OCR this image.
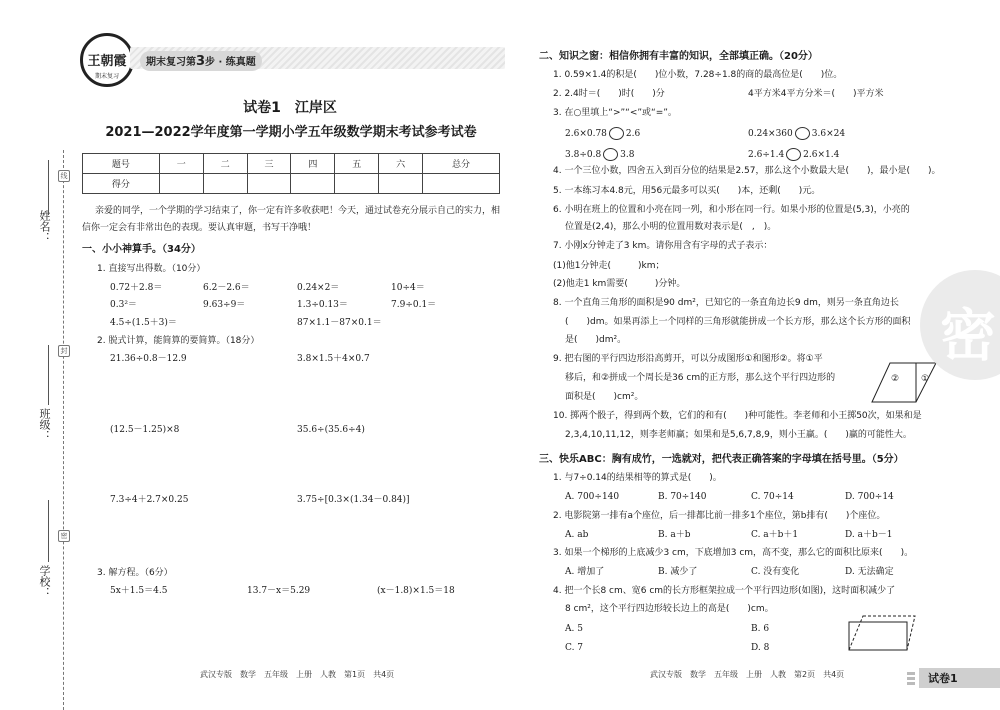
线
封
密
姓名：
班级：
学校：
王朝霞
期末复习
期末复习第3步 · 练真题
试卷1　江岸区
2021—2022学年度第一学期小学五年级数学期末考试参考试卷
题号	一	二	三	四	五	六	总分
得分							
亲爱的同学，一个学期的学习结束了，你一定有许多收获吧！今天，通过试卷充分展示自己的实力，相
信你一定会有非常出色的表现。要认真审题，书写干净哦！
一、小小神算手。（34分）
1. 直接写出得数。（10分）
0.72＋2.8＝	6.2－2.6＝	0.24×2＝	10÷4＝
0.3²＝	9.63÷9＝	1.3÷0.13＝	7.9÷0.1＝
4.5÷(1.5＋3)＝	87×1.1－87×0.1＝
2. 脱式计算，能简算的要简算。（18分）
21.36÷0.8－12.9	3.8×1.5＋4×0.7
(12.5－1.25)×8	35.6÷(35.6÷4)
7.3÷4＋2.7×0.25	3.75÷[0.3×(1.34－0.84)]
3. 解方程。（6分）
5x＋1.5＝4.5	13.7－x＝5.29	(x－1.8)×1.5＝18
武汉专版　数学　五年级　上册　人教　第1页　共4页
二、知识之窗：相信你拥有丰富的知识，全部填正确。（20分）
1. 0.59×1.4的积是(　　)位小数，7.28÷1.8的商的最高位是(　　)位。
2. 2.4时＝(　　)时(　　)分	4平方米4平方分米＝(　　)平方米
3. 在○里填上“>”“<”或“=”。
2.6×0.78 2.6	0.24×360 3.6×24
3.8÷0.8 3.8	2.6÷1.4 2.6×1.4
4. 一个三位小数，四舍五入到百分位的结果是2.57，那么这个小数最大是(　　)，最小是(　　)。
5. 一本练习本4.8元，用56元最多可以买(　　)本，还剩(　　)元。
6. 小明在班上的位置和小亮在同一列，和小形在同一行。如果小形的位置是(5,3)，小亮的
位置是(2,4)，那么小明的位置用数对表示是(　,　)。
7. 小刚x分钟走了3 km。请你用含有字母的式子表示：
(1)他1分钟走(　　　)km；
(2)他走1 km需要(　　　)分钟。
8. 一个直角三角形的面积是90 dm²，已知它的一条直角边长9 dm，则另一条直角边长
(　　)dm。如果再添上一个同样的三角形就能拼成一个长方形，那么这个长方形的面积
是(　　)dm²。
9. 把右图的平行四边形沿高剪开，可以分成图形①和图形②。将①平
移后，和②拼成一个周长是36 cm的正方形，那么这个平行四边形的
面积是(　　)cm²。
② ①
10. 掷两个骰子，得到两个数，它们的和有(　　)种可能性。李老师和小王掷50次，如果和是
2,3,4,10,11,12，则李老师赢；如果和是5,6,7,8,9，则小王赢。(　　)赢的可能性大。
密
三、快乐ABC：胸有成竹，一选就对，把代表正确答案的字母填在括号里。（5分）
1. 与7÷0.14的结果相等的算式是(　　)。
A. 700÷140	B. 70÷140	C. 70÷14	D. 700÷14
2. 电影院第一排有a个座位，后一排都比前一排多1个座位，第b排有(　　)个座位。
A. ab	B. a＋b	C. a＋b＋1	D. a＋b－1
3. 如果一个梯形的上底减少3 cm，下底增加3 cm，高不变，那么它的面积比原来(　　)。
A. 增加了	B. 减少了	C. 没有变化	D. 无法确定
4. 把一个长8 cm、宽6 cm的长方形框架拉成一个平行四边形(如图)，这时面积减少了
8 cm²，这个平行四边形较长边上的高是(　　)cm。
A. 5	B. 6
C. 7	D. 8
武汉专版　数学　五年级　上册　人教　第2页　共4页	试卷1
